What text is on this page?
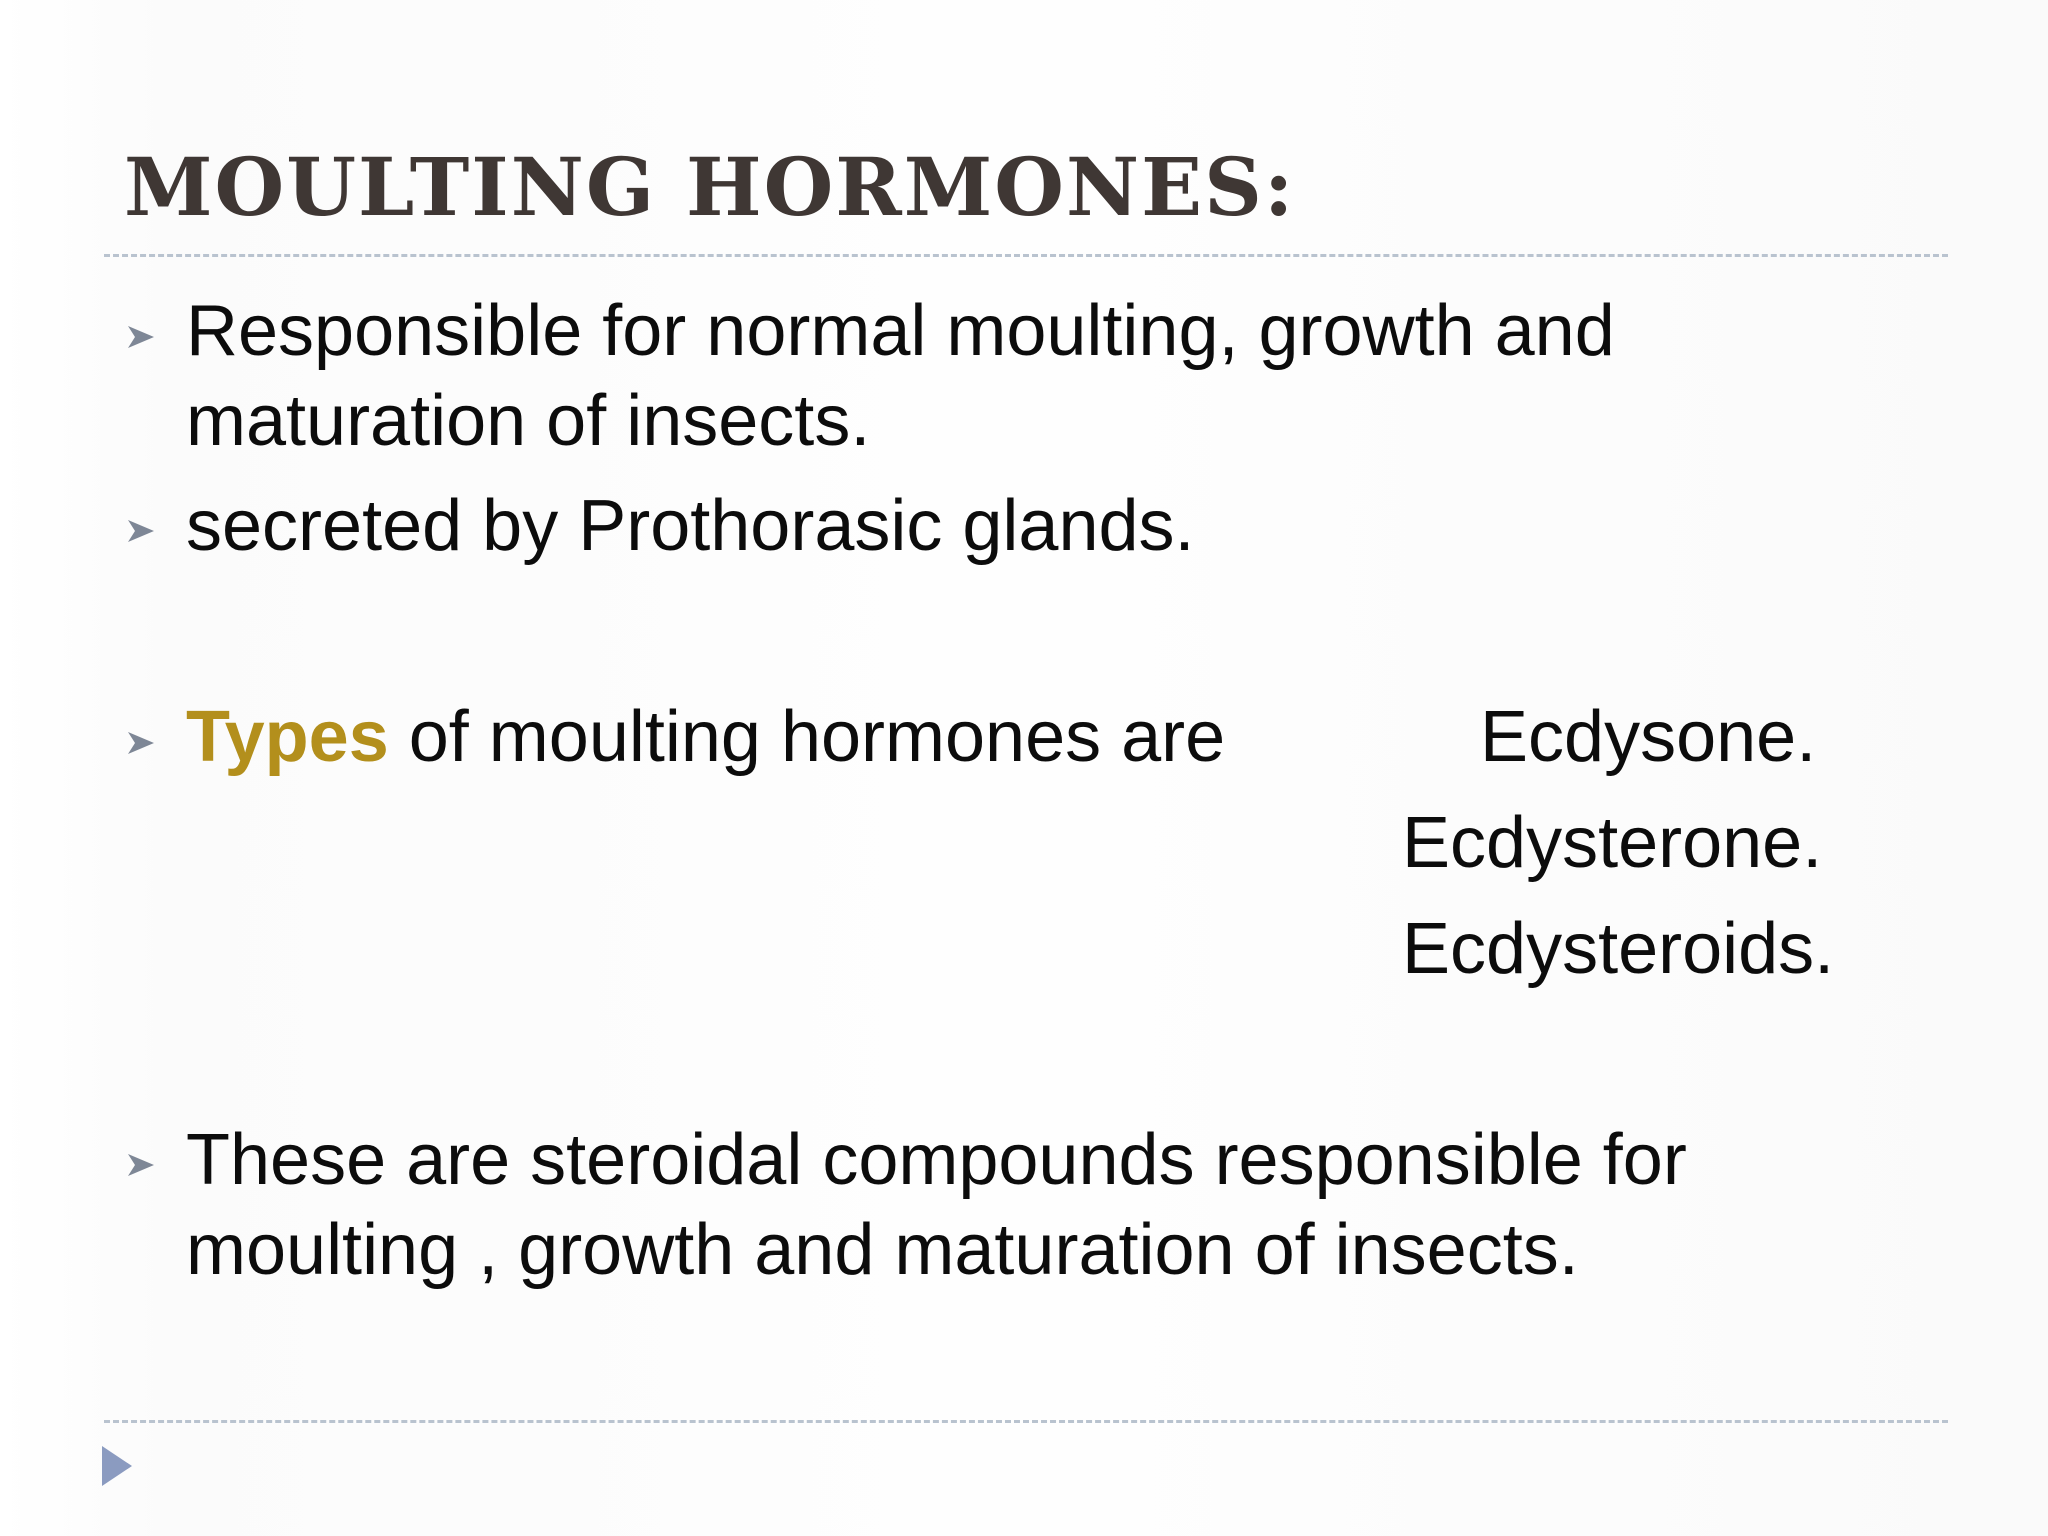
MOULTING HORMONES:

Responsible for normal moulting, growth and

maturation of insects.

secreted by Prothorasic glands.

Types of moulting hormones are	Ecdysone.
Ecdysterone.
Ecdysteroids.

These are steroidal compounds responsible for

moulting , growth and maturation of insects.
